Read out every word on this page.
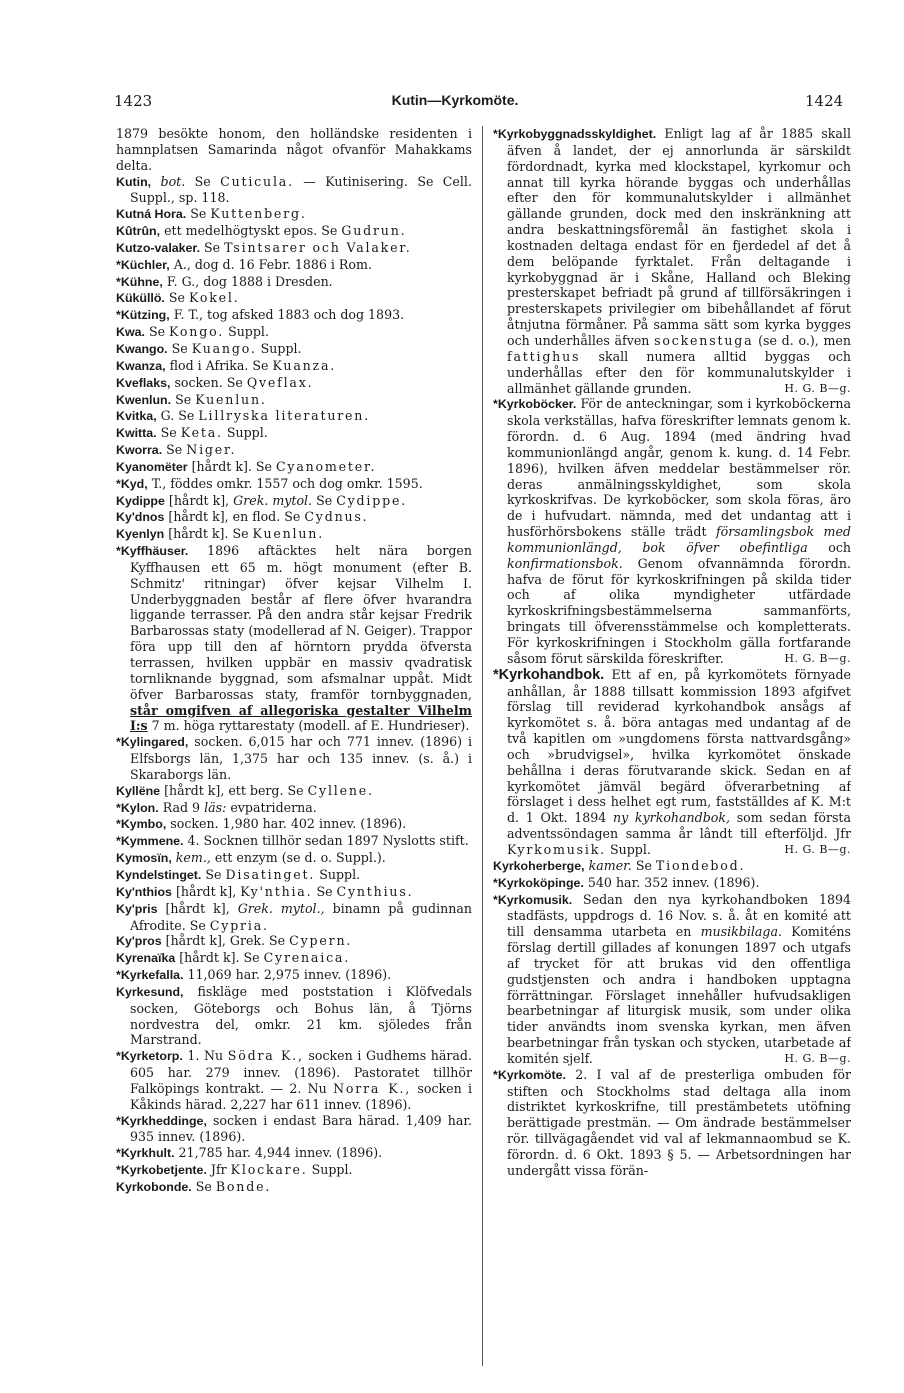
1423	Kutin—Kyrkomöte.	1424

1879 besökte honom, den holländske residenten i hamnplatsen Samarinda något ofvanför Mahakkams delta.

Kutin, bot. Se Cuticula. — Kutinisering. Se Cell. Suppl., sp. 118.

Kutná Hora. Se Kuttenberg.

Kûtrûn, ett medelhögtyskt epos. Se Gudrun.

Kutzo-valaker. Se Tsintsarer och Valaker.

*Küchler, A., dog d. 16 Febr. 1886 i Rom.

*Kühne, F. G., dog 1888 i Dresden.

Küküllö. Se Kokel.

*Kützing, F. T., tog afsked 1883 och dog 1893.

Kwa. Se Kongo. Suppl.

Kwango. Se Kuango. Suppl.

Kwanza, flod i Afrika. Se Kuanza.

Kveflaks, socken. Se Qveflax.

Kwenlun. Se Kuenlun.

Kvitka, G. Se Lillryska literaturen.

Kwitta. Se Keta. Suppl.

Kworra. Se Niger.

Kyanomëter [hårdt k]. Se Cyanometer.

*Kyd, T., föddes omkr. 1557 och dog omkr. 1595.

Kydippe [hårdt k], Grek. mytol. Se Cydippe.

Ky'dnos [hårdt k], en flod. Se Cydnus.

Kyenlyn [hårdt k]. Se Kuenlun.

*Kyffhäuser. 1896 aftäcktes helt nära borgen Kyffhausen ett 65 m. högt monument (efter B. Schmitz' ritningar) öfver kejsar Vilhelm I. Underbyggnaden består af flere öfver hvarandra liggande terrasser. På den andra står kejsar Fredrik Barbarossas staty (modellerad af N. Geiger). Trappor föra upp till den af hörntorn prydda öfversta terrassen, hvilken uppbär en massiv qvadratisk tornliknande byggnad, som afsmalnar uppåt. Midt öfver Barbarossas staty, framför tornbyggnaden, står omgifven af allegoriska gestalter Vilhelm I:s 7 m. höga ryttarestaty (modell. af E. Hundrieser).

*Kylingared, socken. 6,015 har och 771 innev. (1896) i Elfsborgs län, 1,375 har och 135 innev. (s. å.) i Skaraborgs län.

Kyllëne [hårdt k], ett berg. Se Cyllene.

*Kylon. Rad 9 läs: evpatriderna.

*Kymbo, socken. 1,980 har. 402 innev. (1896).

*Kymmene. 4. Socknen tillhör sedan 1897 Nyslotts stift.

Kymosïn, kem., ett enzym (se d. o. Suppl.).

Kyndelstinget. Se Disatinget. Suppl.

Ky'nthios [hårdt k], Ky'nthia. Se Cynthius.

Ky'pris [hårdt k], Grek. mytol., binamn på gudinnan Afrodite. Se Cypria.

Ky'pros [hårdt k], Grek. Se Cypern.

Kyrenaïka [hårdt k]. Se Cyrenaica.

*Kyrkefalla. 11,069 har. 2,975 innev. (1896).

Kyrkesund, fiskläge med poststation i Klöfvedals socken, Göteborgs och Bohus län, å Tjörns nordvestra del, omkr. 21 km. sjöledes från Marstrand.

*Kyrketorp. 1. Nu Södra K., socken i Gudhems härad. 605 har. 279 innev. (1896). Pastoratet tillhör Falköpings kontrakt. — 2. Nu Norra K., socken i Kåkinds härad. 2,227 har 611 innev. (1896).

*Kyrkheddinge, socken i endast Bara härad. 1,409 har. 935 innev. (1896).

*Kyrkhult. 21,785 har. 4,944 innev. (1896).

*Kyrkobetjente. Jfr Klockare. Suppl.

Kyrkobonde. Se Bonde.

*Kyrkobyggnadsskyldighet. Enligt lag af år 1885 skall äfven å landet, der ej annorlunda är särskildt fördordnadt, kyrka med klockstapel, kyrkomur och annat till kyrka hörande byggas och underhållas efter den för kommunalutskylder i allmänhet gällande grunden, dock med den inskränkning att andra beskattningsföremål än fastighet skola i kostnaden deltaga endast för en fjerdedel af det å dem belöpande fyrktalet. Från deltagande i kyrkobyggnad är i Skåne, Halland och Bleking presterskapet befriadt på grund af tillförsäkringen i presterskapets privilegier om bibehållandet af förut åtnjutna förmåner. På samma sätt som kyrka bygges och underhålles äfven sockenstuga (se d. o.), men fattighus skall numera alltid byggas och underhållas efter den för kommunalutskylder i allmänhet gällande grunden.	H. G. B—g.

*Kyrkoböcker. För de anteckningar, som i kyrkoböckerna skola verkställas, hafva föreskrifter lemnats genom k. förordn. d. 6 Aug. 1894 (med ändring hvad kommunionlängd angår, genom k. kung. d. 14 Febr. 1896), hvilken äfven meddelar bestämmelser rör. deras anmälningsskyldighet, som skola kyrkoskrifvas. De kyrkoböcker, som skola föras, äro de i hufvudart. nämnda, med det undantag att i husförhörsbokens ställe trädt församlingsbok med kommunionlängd, bok öfver obefintliga och konfirmationsbok. Genom ofvannämnda förordn. hafva de förut för kyrkoskrifningen på skilda tider och af olika myndigheter utfärdade kyrkoskrifningsbestämmelserna sammanförts, bringats till öfverensstämmelse och kompletterats. För kyrkoskrifningen i Stockholm gälla fortfarande såsom förut särskilda föreskrifter.	H. G. B—g.

*Kyrkohandbok. Ett af en, på kyrkomötets förnyade anhållan, år 1888 tillsatt kommission 1893 afgifvet förslag till reviderad kyrkohandbok ansågs af kyrkomötet s. å. böra antagas med undantag af de två kapitlen om »ungdomens första nattvardsgång» och »brudvigsel», hvilka kyrkomötet önskade behållna i deras förutvarande skick. Sedan en af kyrkomötet jämväl begärd öfverarbetning af förslaget i dess helhet egt rum, fastställdes af K. M:t d. 1 Okt. 1894 ny kyrkohandbok, som sedan första adventssöndagen samma år lândt till efterföljd. Jfr Kyrkomusik. Suppl.	H. G. B—g.

Kyrkoherberge, kamer. Se Tiondebod.

*Kyrkoköpinge. 540 har. 352 innev. (1896).

*Kyrkomusik. Sedan den nya kyrkohandboken 1894 stadfästs, uppdrogs d. 16 Nov. s. å. åt en komité att till densamma utarbeta en musikbilaga. Komiténs förslag dertill gillades af konungen 1897 och utgafs af trycket för att brukas vid den offentliga gudstjensten och andra i handboken upptagna förrättningar. Förslaget innehåller hufvudsakligen bearbetningar af liturgisk musik, som under olika tider användts inom svenska kyrkan, men äfven bearbetningar från tyskan och stycken, utarbetade af komitén sjelf.	H. G. B—g.

*Kyrkomöte. 2. I val af de presterliga ombuden för stiften och Stockholms stad deltaga alla inom distriktet kyrkoskrifne, till prestämbetets utöfning berättigade prestmän. — Om ändrade bestämmelser rör. tillvägagåendet vid val af lekmannaombud se K. förordn. d. 6 Okt. 1893 § 5. — Arbetsordningen har undergått vissa förän-
